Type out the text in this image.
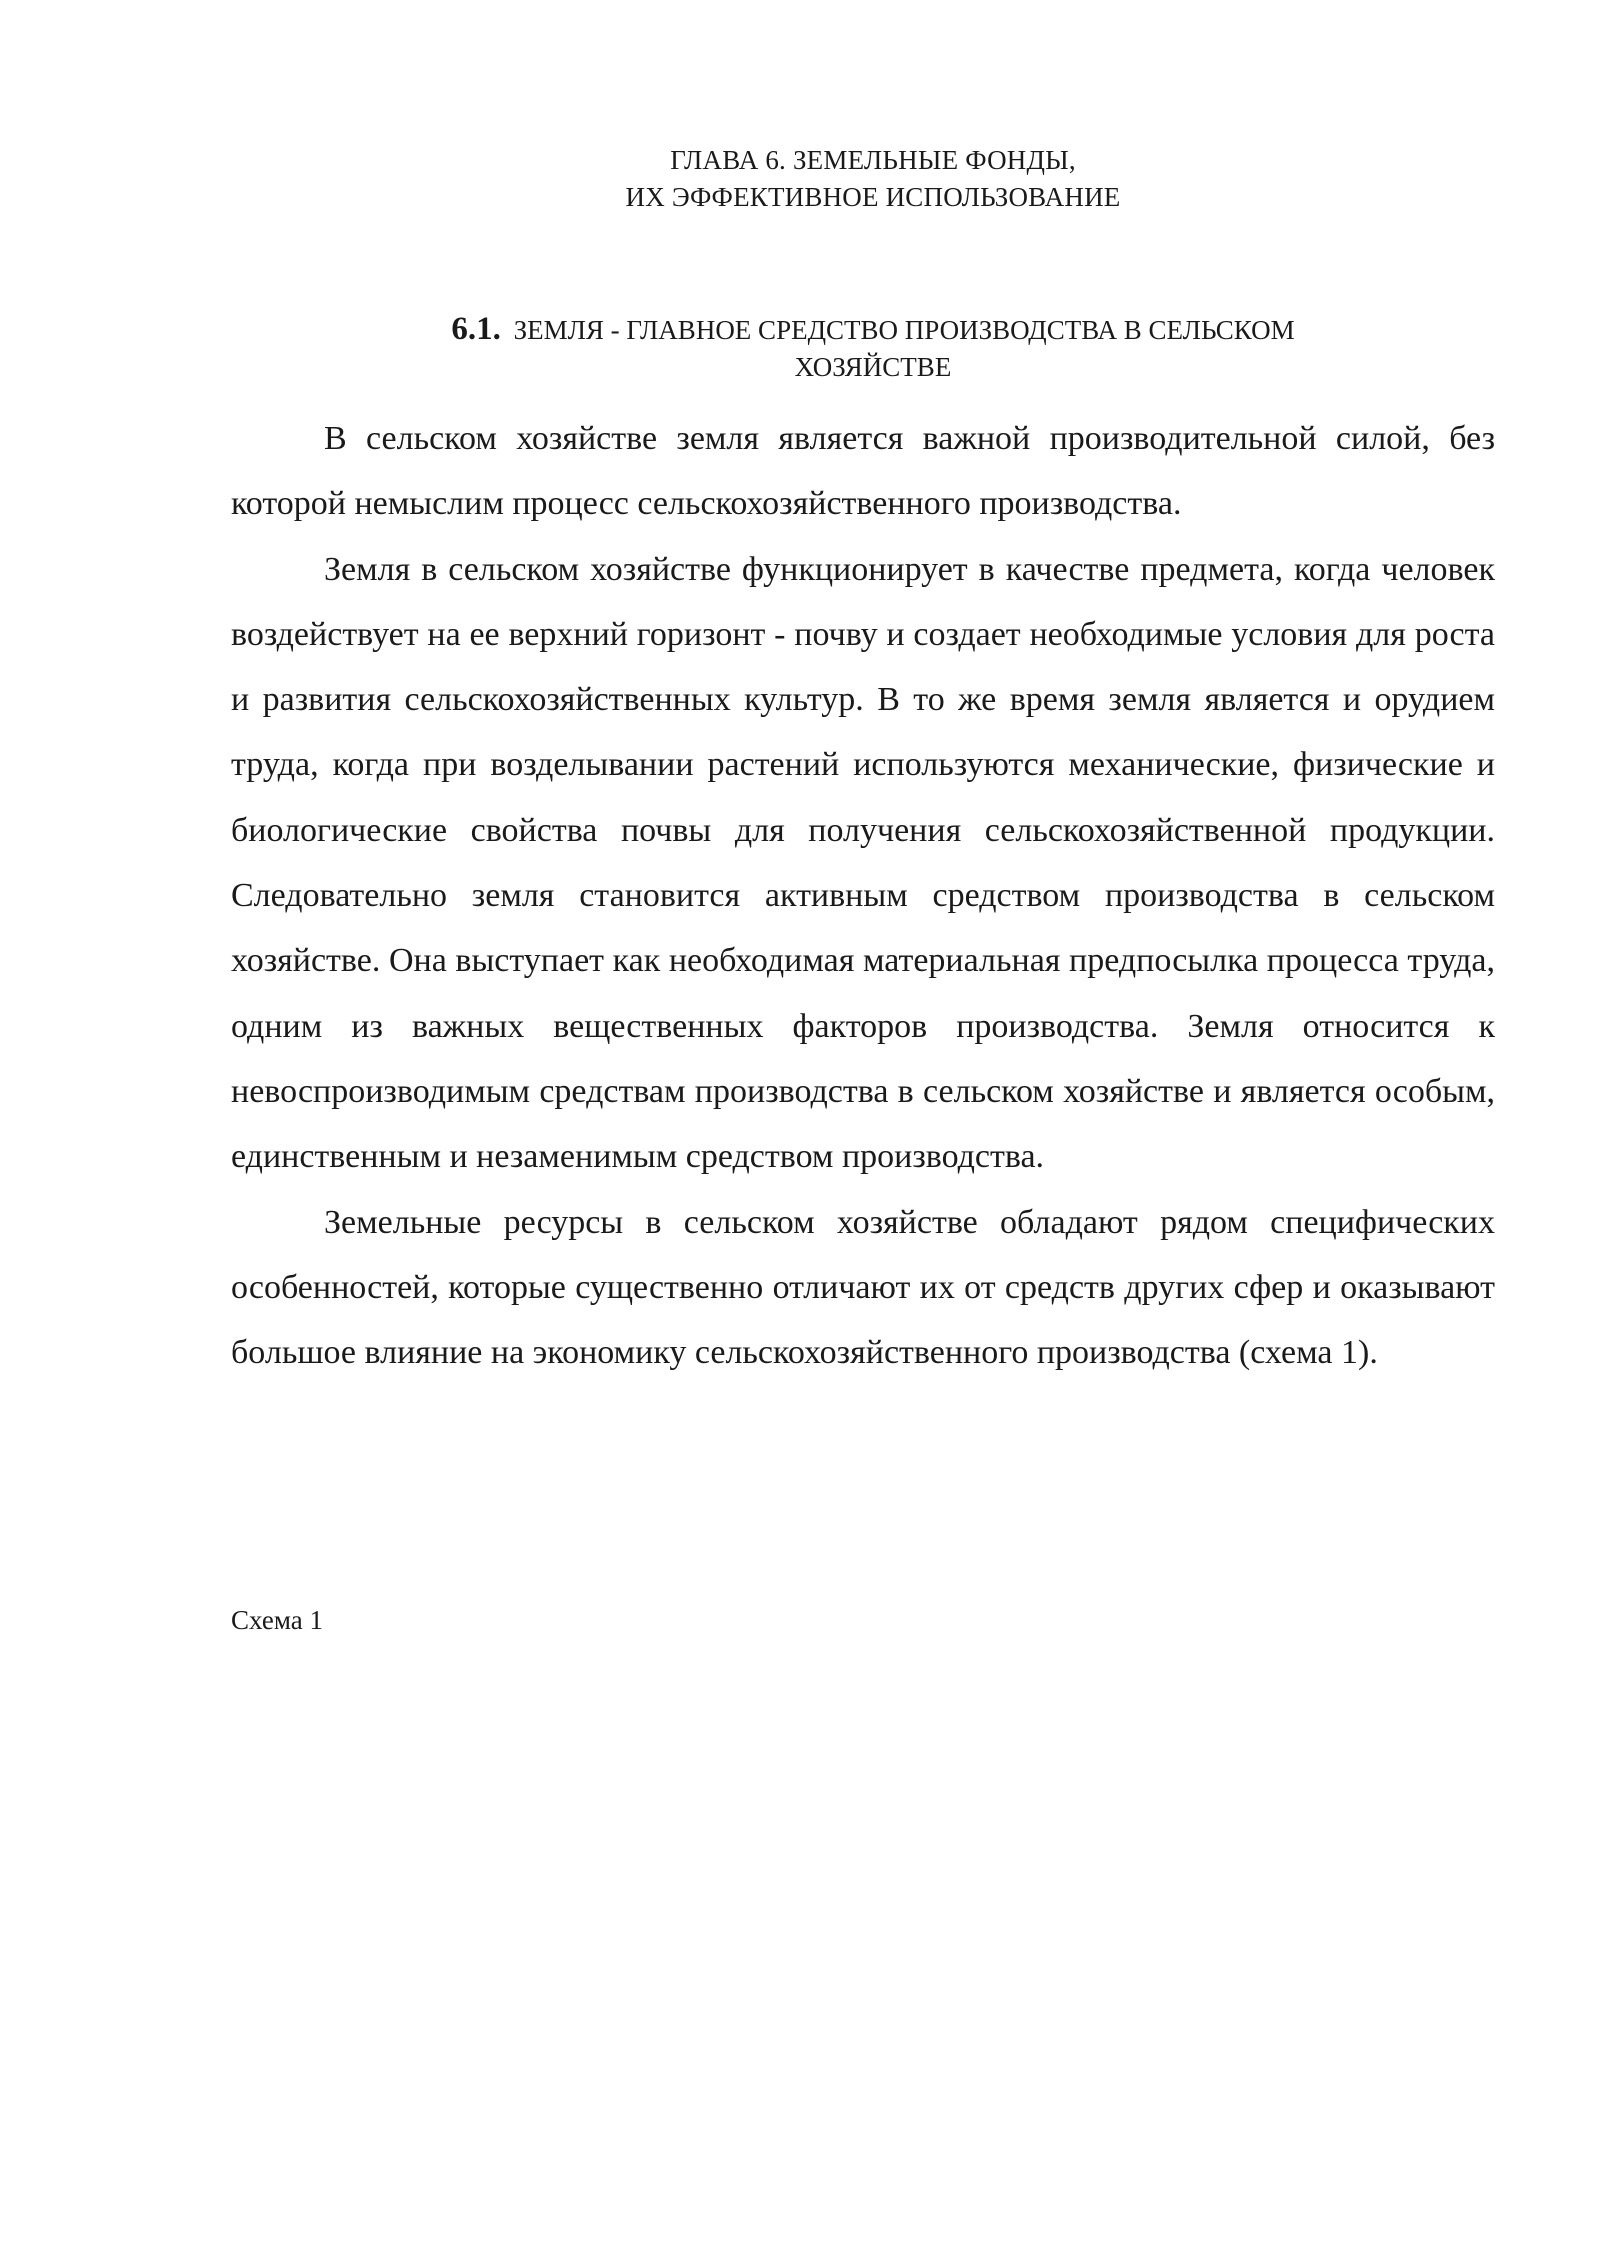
ГЛАВА 6. ЗЕМЕЛЬНЫЕ ФОНДЫ,
ИХ ЭФФЕКТИВНОЕ ИСПОЛЬЗОВАНИЕ
6.1. ЗЕМЛЯ - ГЛАВНОЕ СРЕДСТВО ПРОИЗВОДСТВА В СЕЛЬСКОМ
ХОЗЯЙСТВЕ

В сельском хозяйстве земля является важной производительной силой, без которой немыслим процесс сельскохозяйственного производства.

Земля в сельском хозяйстве функционирует в качестве предмета, когда человек воздействует на ее верхний горизонт - почву и создает необходимые условия для роста и развития сельскохозяйственных культур. В то же время земля является и орудием труда, когда при возделывании растений используются механические, физические и биологические свойства почвы для получения сельскохозяйственной продукции. Следовательно земля становится активным средством производства в сельском хозяйстве. Она выступает как необходимая материальная предпосылка процесса труда, одним из важных вещественных факторов производства. Земля относится к невоспроизводимым средствам производства в сельском хозяйстве и является особым, единственным и незаменимым средством производства.

Земельные ресурсы в сельском хозяйстве обладают рядом специфических особенностей, которые существенно отличают их от средств других сфер и оказывают большое влияние на экономику сельскохозяйственного производства (схема 1).

Схема 1
